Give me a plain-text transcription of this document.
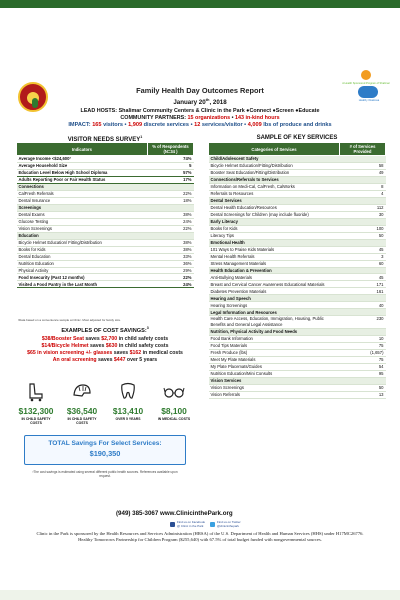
A Health Sponsored Program of Shalimar
Healthy Okaloosa
Family Health Day Outcomes Report
January 20th, 2018
LEAD HOSTS: Shalimar Community Centers & Clinic in the Park ●Connect ●Screen ●Educate
COMMUNITY PARTNERS: 15 organizations • 143 in-kind hours
IMPACT: 165 visitors • 1,909 discrete services • 12 services/visitor • 4,009 lbs of produce and drinks
VISITOR NEEDS SURVEY$^1$	SAMPLE OF KEY SERVICES
Indicators	% of Respondents (N=34 )
Average Income <$24,600²	74%
Average Household Size	5
Education Level Below High School Diploma	57%
Adults Reporting Poor or Fair Health Status	17%
Connections	
CalFresh Referrals	22%
Dental Insurance	18%
Screenings	
Dental Exams	38%
Glucose Testing	24%
Vision Screenings	22%
Education	
Bicycle Helmet Education/ Fitting/Distribution	38%
Books for Kids	38%
Dental Education	33%
Nutrition Education	36%
Physical Activity	29%
Food Insecurity (Past 12 months)	22%
Visited a Food Pantry in the Last Month	24%
²Data based on a convenience sample at Clinic. Most adjusted for family size.
Categories of Services	# of Services Provided
Child/Adolescent Safety	
Bicycle Helmet Education/Fitting/Distribution	58
Booster Seat Education/Fitting/Distribution	49
Connections/Referrals to Services	
Information on Medi-Cal, CalFresh, CalWorks	8
Referrals to Resources	4
Dental Services	
Dental Health Education/Resources	112
Dental Screenings for Children (may include fluoride)	30
Early Literacy	
Books for Kids	100
Literacy Tips	50
Emotional Health	
101 Ways to Praise Kids Materials	45
Mental Health Referrals	3
Stress Management Materials	60
Health Education & Prevention	
Anti-Bullying Materials	45
Breast and Cervical Cancer Awareness Educational Materials	171
Diabetes Prevention Materials	161
Hearing and Speech	
Hearing Screenings	40
Legal Information and Resources	
Health Care Access, Education, Immigration, Housing, Public Benefits and General Legal Assistance	230
Nutrition, Physical Activity and Food Needs	
Food Bank Information	10
Food Tips Materials	75
Fresh Produce (lbs)	(1,657)
Meet My Plate Materials	75
My Plate Placemats/Guides	54
Nutrition Education/Mini Consults	95
Vision Services	
Vision Screenings	50
Vision Referrals	13
EXAMPLES OF COST SAVINGS:$^3$
$38/Booster Seat saves $2,700 in child safety costs
$14/Bicycle Helmet saves $630 in child safety costs
$65 in vision screening +/- glasses saves $162 in medical costs
An oral screening saves $447 over 5 years
$132,300
IN CHILD SAFETY COSTS
$36,540
IN CHILD SAFETY COSTS
$13,410
OVER 5 YEARS
$8,100
IN MEDICAL COSTS
TOTAL Savings For Select Services:
$190,350
³The cost savings is estimated using several different public health sources. References available upon request.
(949) 385-3067 www.ClinicinthePark.org
Find us on Facebook @ Clinic in the Park
Find us on Twitter @clinicinthepark
Clinic in the Park is sponsored by the Health Resources and Services Administration (HRSA) of the U.S. Department of Health and Human Services (HHS) under H17MC26776. Healthy Tomorrows Partnership for Children Program ($255,640) with 67.5% of total budget funded with nongovernmental sources.
